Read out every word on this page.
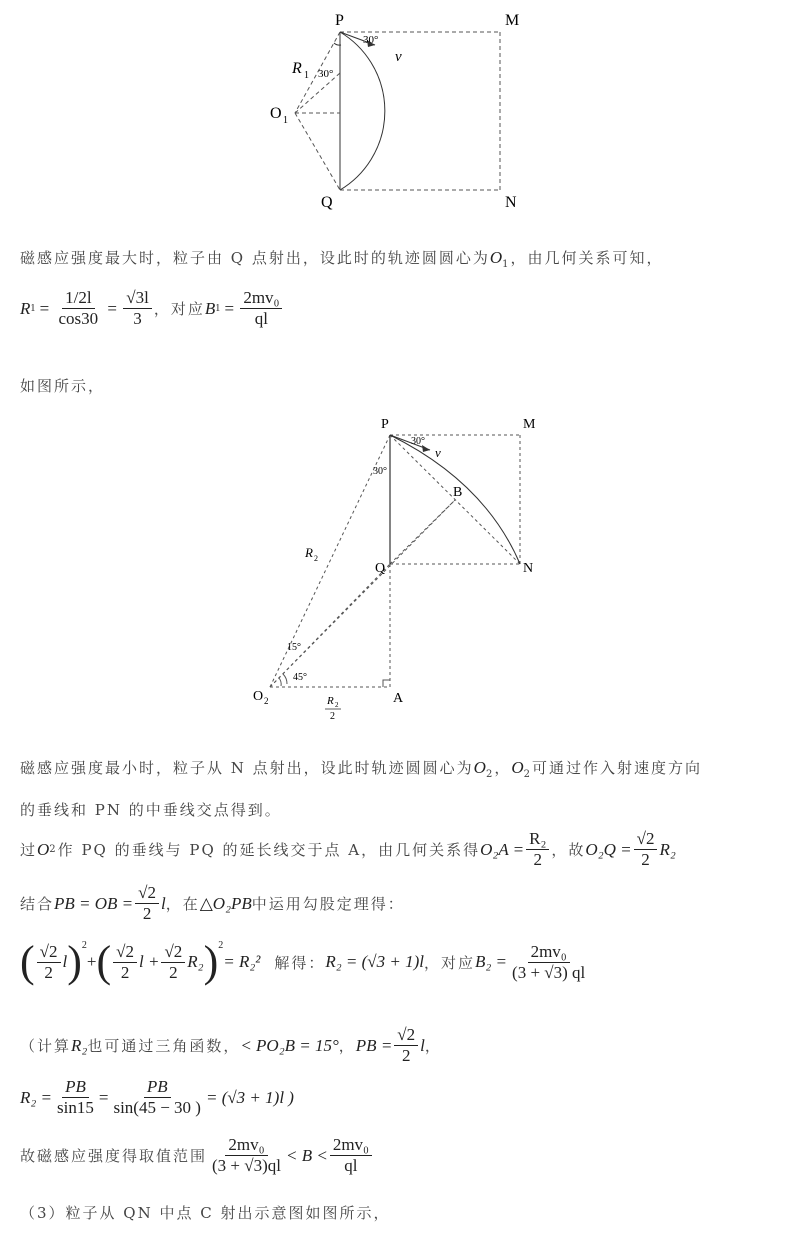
P	M
Q	N
O 1
R 1
30°
30°
v
磁感应强度最大时，粒子由 Q 点射出，设此时的轨迹圆圆心为$O_1$，由几何关系可知，
R $1 = \frac{1/2l}{\cos 30} = \frac{√3l}{3}$ ，对应 B $1 = \frac{\text{2mv₀}}{ql}$
如图所示，
P	M
Q	N
B
A
O 2
R 2
30°
30°
15°
45°
v
R 2
2
磁感应强度最小时，粒子从 N 点射出，设此时轨迹圆圆心为$O_2$，$O_2$可通过作入射速度方向
的垂线和 PN 的中垂线交点得到。
过 O 2 作 PQ 的垂线与 PQ 的延长线交于点 A，由几何关系得 $O_2A = \frac{\text{R₂}}{2}$ ，故 $O_2Q = \frac{√2}{2} R_2$
结合 PB = OB = $\frac{√2}{2}$ l ，在 △O₂PB 中运用勾股定理得：
( $\frac{√2}{2}$ l )$^2$
+ ( $\frac{√2}{2}$ $l + \frac{√2}{2} R_2$ )$^2$
= R₂² 解得： R₂ = (√3 + 1)l ，对应 $B_2 = \frac{\text{2mv₀}}{(3 + √3) ql}$
（计算 R₂ 也可通过三角函数， < PO₂B = 15° ， PB = $\frac{√2}{2}$ l ，
$R_2 = \frac{PB}{\sin 15} = \frac{PB}{\sin(45 - 30 )} = (√3 + 1)l$ )
故磁感应强度得取值范围 $\frac{\text{2mv₀}}{(3 + √3)ql} < B < \frac{\text{2mv₀}}{ql}$
（3）粒子从 QN 中点 C 射出示意图如图所示，
